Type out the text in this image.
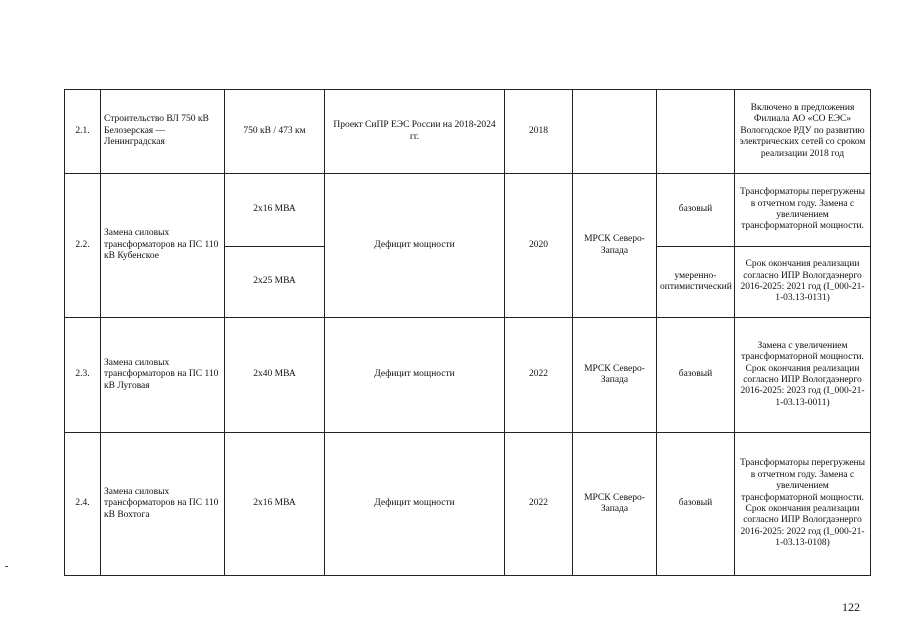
2.1.	Строительство ВЛ 750 кВ Белозерская — Ленинградская	750 кВ / 473 км	Проект СиПР ЕЭС России на 2018-2024 гг.	2018			Включено в предложения Филиала АО «СО ЕЭС» Вологодское РДУ по развитию электрических сетей со сроком реализации 2018 год
2.2.	Замена силовых трансформаторов на ПС 110 кВ Кубенское	2х16 МВА	Дефицит мощности	2020	МРСК Северо-Запада	базовый	Трансформаторы перегружены в отчетном году. Замена с увеличением трансформаторной мощности.
		2х25 МВА				умеренно-оптимистический	Срок окончания реализации согласно ИПР Вологдаэнерго 2016-2025: 2021 год (I_000-21-1-03.13-0131)
2.3.	Замена силовых трансформаторов на ПС 110 кВ Луговая	2х40 МВА	Дефицит мощности	2022	МРСК Северо-Запада	базовый	Замена с увеличением трансформаторной мощности. Срок окончания реализации согласно ИПР Вологдаэнерго 2016-2025: 2023 год (I_000-21-1-03.13-0011)
2.4.	Замена силовых трансформаторов на ПС 110 кВ Вохтога	2х16 МВА	Дефицит мощности	2022	МРСК Северо-Запада	базовый	Трансформаторы перегружены в отчетном году. Замена с увеличением трансформаторной мощности. Срок окончания реализации согласно ИПР Вологдаэнерго 2016-2025: 2022 год (I_000-21-1-03.13-0108)
122
